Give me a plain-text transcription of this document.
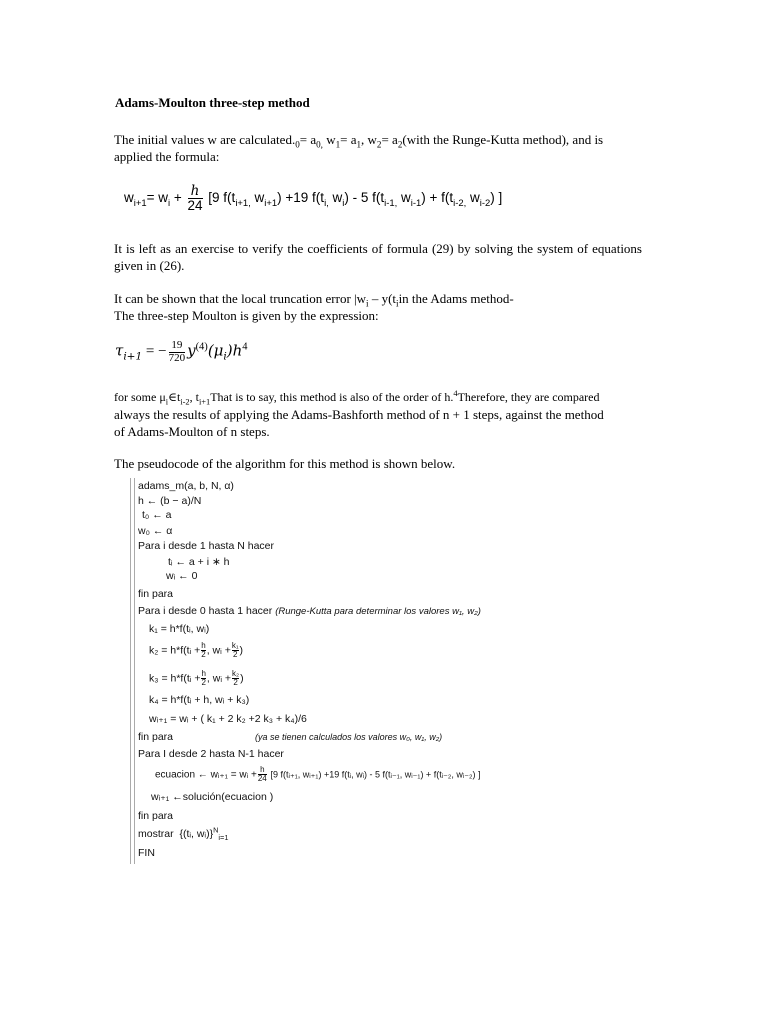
Adams-Moulton three-step method
The initial values w are $calculated._0= a_{0,}$ $w_1= a_1$, $w_2=$ $a_2(with$ the Runge-Kutta method), and is applied the formula:
$w_{i+1}= w_i + \frac{h}{24} [9$ $f(t_{i+1,}$ $w_{i+1}) +19$ $f(t_{i,}$ $w_i) - 5$ $f(t_{i-1,}$ $w_{i-1}) + f(t_{i-2,}$ $w_{i-2}$) ]
It is left as an exercise to verify the coefficients of formula (29) by solving the system of equations given in (26).
It can be shown that the local truncation error $|w_i - y(t_iin$ the Adams method-
The three-step Moulton is given by the expression:
$\tau_{i+1}$ = − $\frac{19}{720} y^{(4)}(\mu_i)h^4$
for some $\mu_i\in t_{i-2}$, $t_{i+1}That$ is to say, this method is also of the order of h.$^4$Therefore, they are compared
always the results of applying the Adams-Bashforth method of n + 1 steps, against the method
of Adams-Moulton of n steps.
The pseudocode of the algorithm for this method is shown below.
adams_m(a, b, N, α)
h ← (b − a)/N
t₀ ← a
w₀ ← α
Para i desde 1 hasta N hacer
tᵢ ← a + i ∗ h
wᵢ ← 0
fin para
Para i desde 0 hasta 1 hacer (Runge-Kutta para determinar los valores w₁, w₂)
k₁ = h*f(tᵢ, wᵢ)
k₂ = h*f(tᵢ + $\frac{h}{2}$ , wᵢ + $\frac{\text{k₁}}{2}$ )
k₃ = h*f(tᵢ + $\frac{h}{2}$ , wᵢ + $\frac{\text{k₂}}{2}$ )
k₄ = h*f(tᵢ + h, wᵢ + k₃)
wᵢ₊₁ = wᵢ + ( k₁ + 2 k₂ +2 k₃ + k₄)/6
fin para	(ya se tienen calculados los valores w₀, w₁, w₂)
Para I desde 2 hasta N-1 hacer
ecuacion ← wᵢ₊₁ = wᵢ + $\frac{h}{24} [9$ f(tᵢ₊₁, wᵢ₊₁) +19 f(tᵢ, wᵢ) - 5 f(tᵢ₋₁, wᵢ₋₁) + f(tᵢ₋₂, wᵢ₋₂) ]
wᵢ₊₁ ←solución(ecuacion )
fin para
mostrar {(tᵢ, wᵢ)}$^N_{i=1}$
FIN
